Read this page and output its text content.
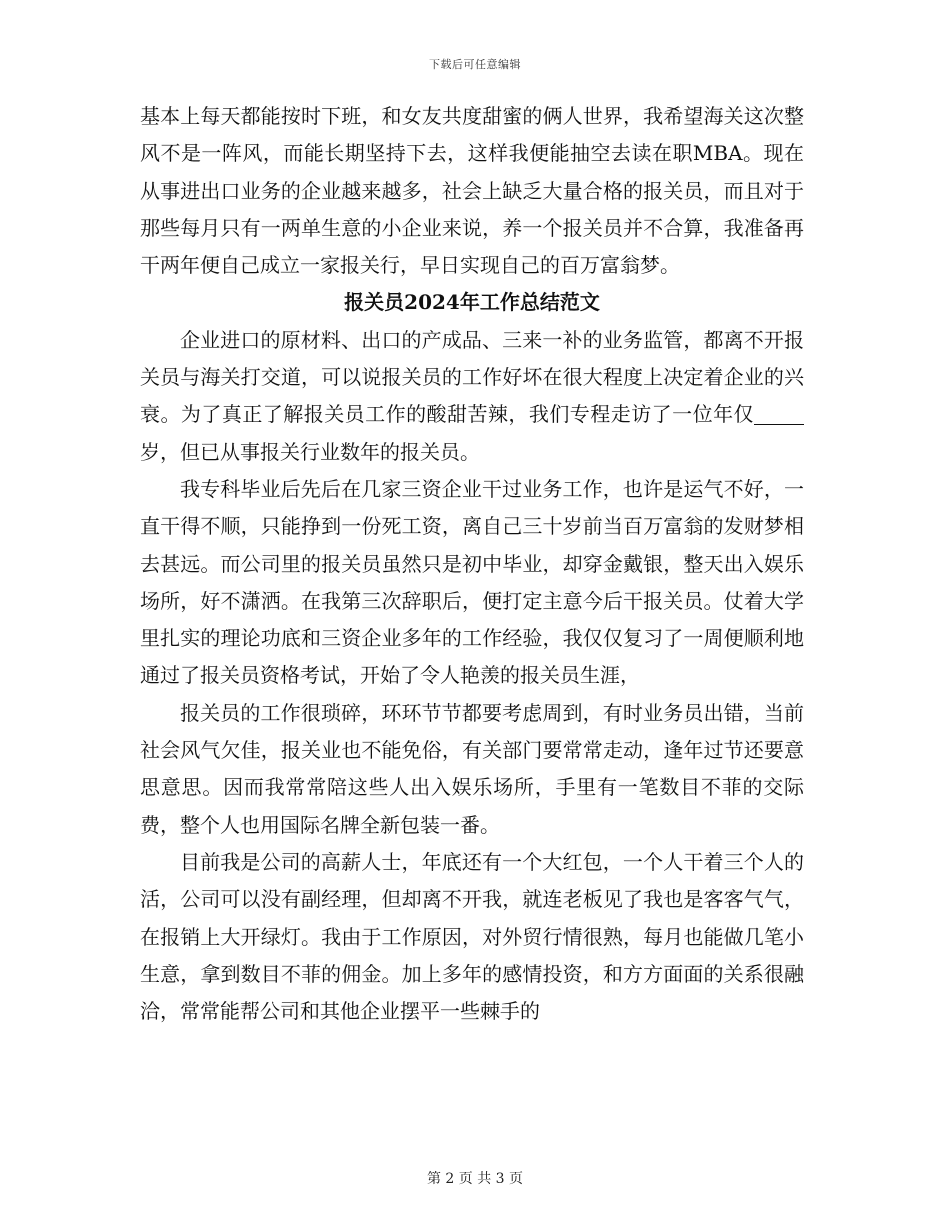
下载后可任意编辑

基本上每天都能按时下班，和女友共度甜蜜的俩人世界，我希望海关这次整风不是一阵风，而能长期坚持下去，这样我便能抽空去读在职MBA。现在从事进出口业务的企业越来越多，社会上缺乏大量合格的报关员，而且对于那些每月只有一两单生意的小企业来说，养一个报关员并不合算，我准备再干两年便自己成立一家报关行，早日实现自己的百万富翁梦。

报关员2024年工作总结范文

企业进口的原材料、出口的产成品、三来一补的业务监管，都离不开报关员与海关打交道，可以说报关员的工作好坏在很大程度上决定着企业的兴衰。为了真正了解报关员工作的酸甜苦辣，我们专程走访了一位年仅岁，但已从事报关行业数年的报关员。

我专科毕业后先后在几家三资企业干过业务工作，也许是运气不好，一直干得不顺，只能挣到一份死工资，离自己三十岁前当百万富翁的发财梦相去甚远。而公司里的报关员虽然只是初中毕业，却穿金戴银，整天出入娱乐场所，好不潇洒。在我第三次辞职后，便打定主意今后干报关员。仗着大学里扎实的理论功底和三资企业多年的工作经验，我仅仅复习了一周便顺利地通过了报关员资格考试，开始了令人艳羡的报关员生涯，

报关员的工作很琐碎，环环节节都要考虑周到，有时业务员出错，当前社会风气欠佳，报关业也不能免俗，有关部门要常常走动，逢年过节还要意思意思。因而我常常陪这些人出入娱乐场所，手里有一笔数目不菲的交际费，整个人也用国际名牌全新包装一番。

目前我是公司的高薪人士，年底还有一个大红包，一个人干着三个人的活，公司可以没有副经理，但却离不开我，就连老板见了我也是客客气气，在报销上大开绿灯。我由于工作原因，对外贸行情很熟，每月也能做几笔小生意，拿到数目不菲的佣金。加上多年的感情投资，和方方面面的关系很融洽，常常能帮公司和其他企业摆平一些棘手的

第 2 页 共 3 页
